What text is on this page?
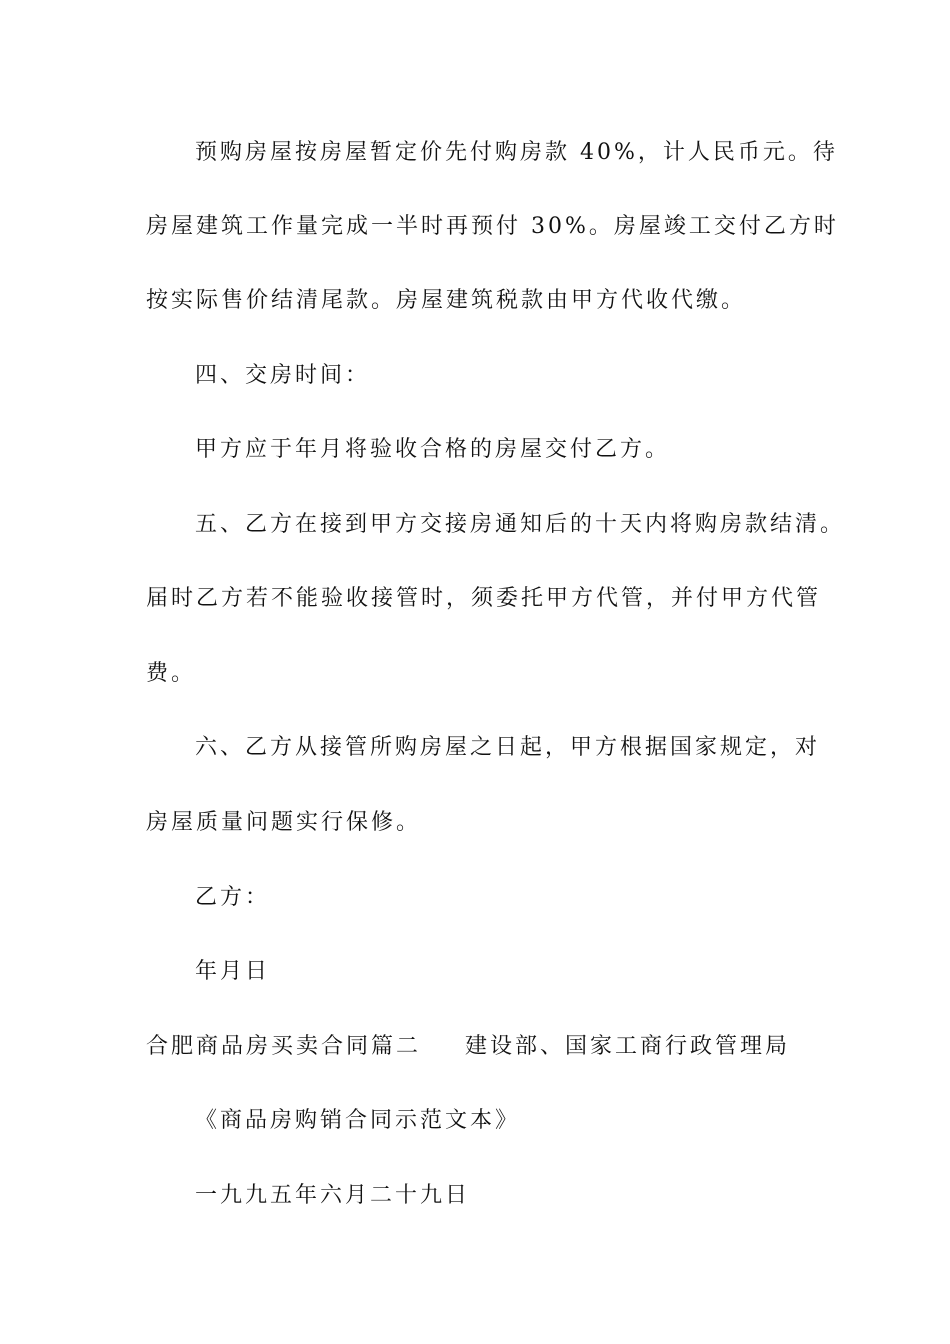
预购房屋按房屋暂定价先付购房款 40%，计人民币元。待
房屋建筑工作量完成一半时再预付 30%。房屋竣工交付乙方时
按实际售价结清尾款。房屋建筑税款由甲方代收代缴。
四、交房时间：
甲方应于年月将验收合格的房屋交付乙方。
五、乙方在接到甲方交接房通知后的十天内将购房款结清。
届时乙方若不能验收接管时，须委托甲方代管，并付甲方代管
费。
六、乙方从接管所购房屋之日起，甲方根据国家规定，对
房屋质量问题实行保修。
乙方：
年月日
合肥商品房买卖合同篇二 建设部、国家工商行政管理局
《商品房购销合同示范文本》
一九九五年六月二十九日
